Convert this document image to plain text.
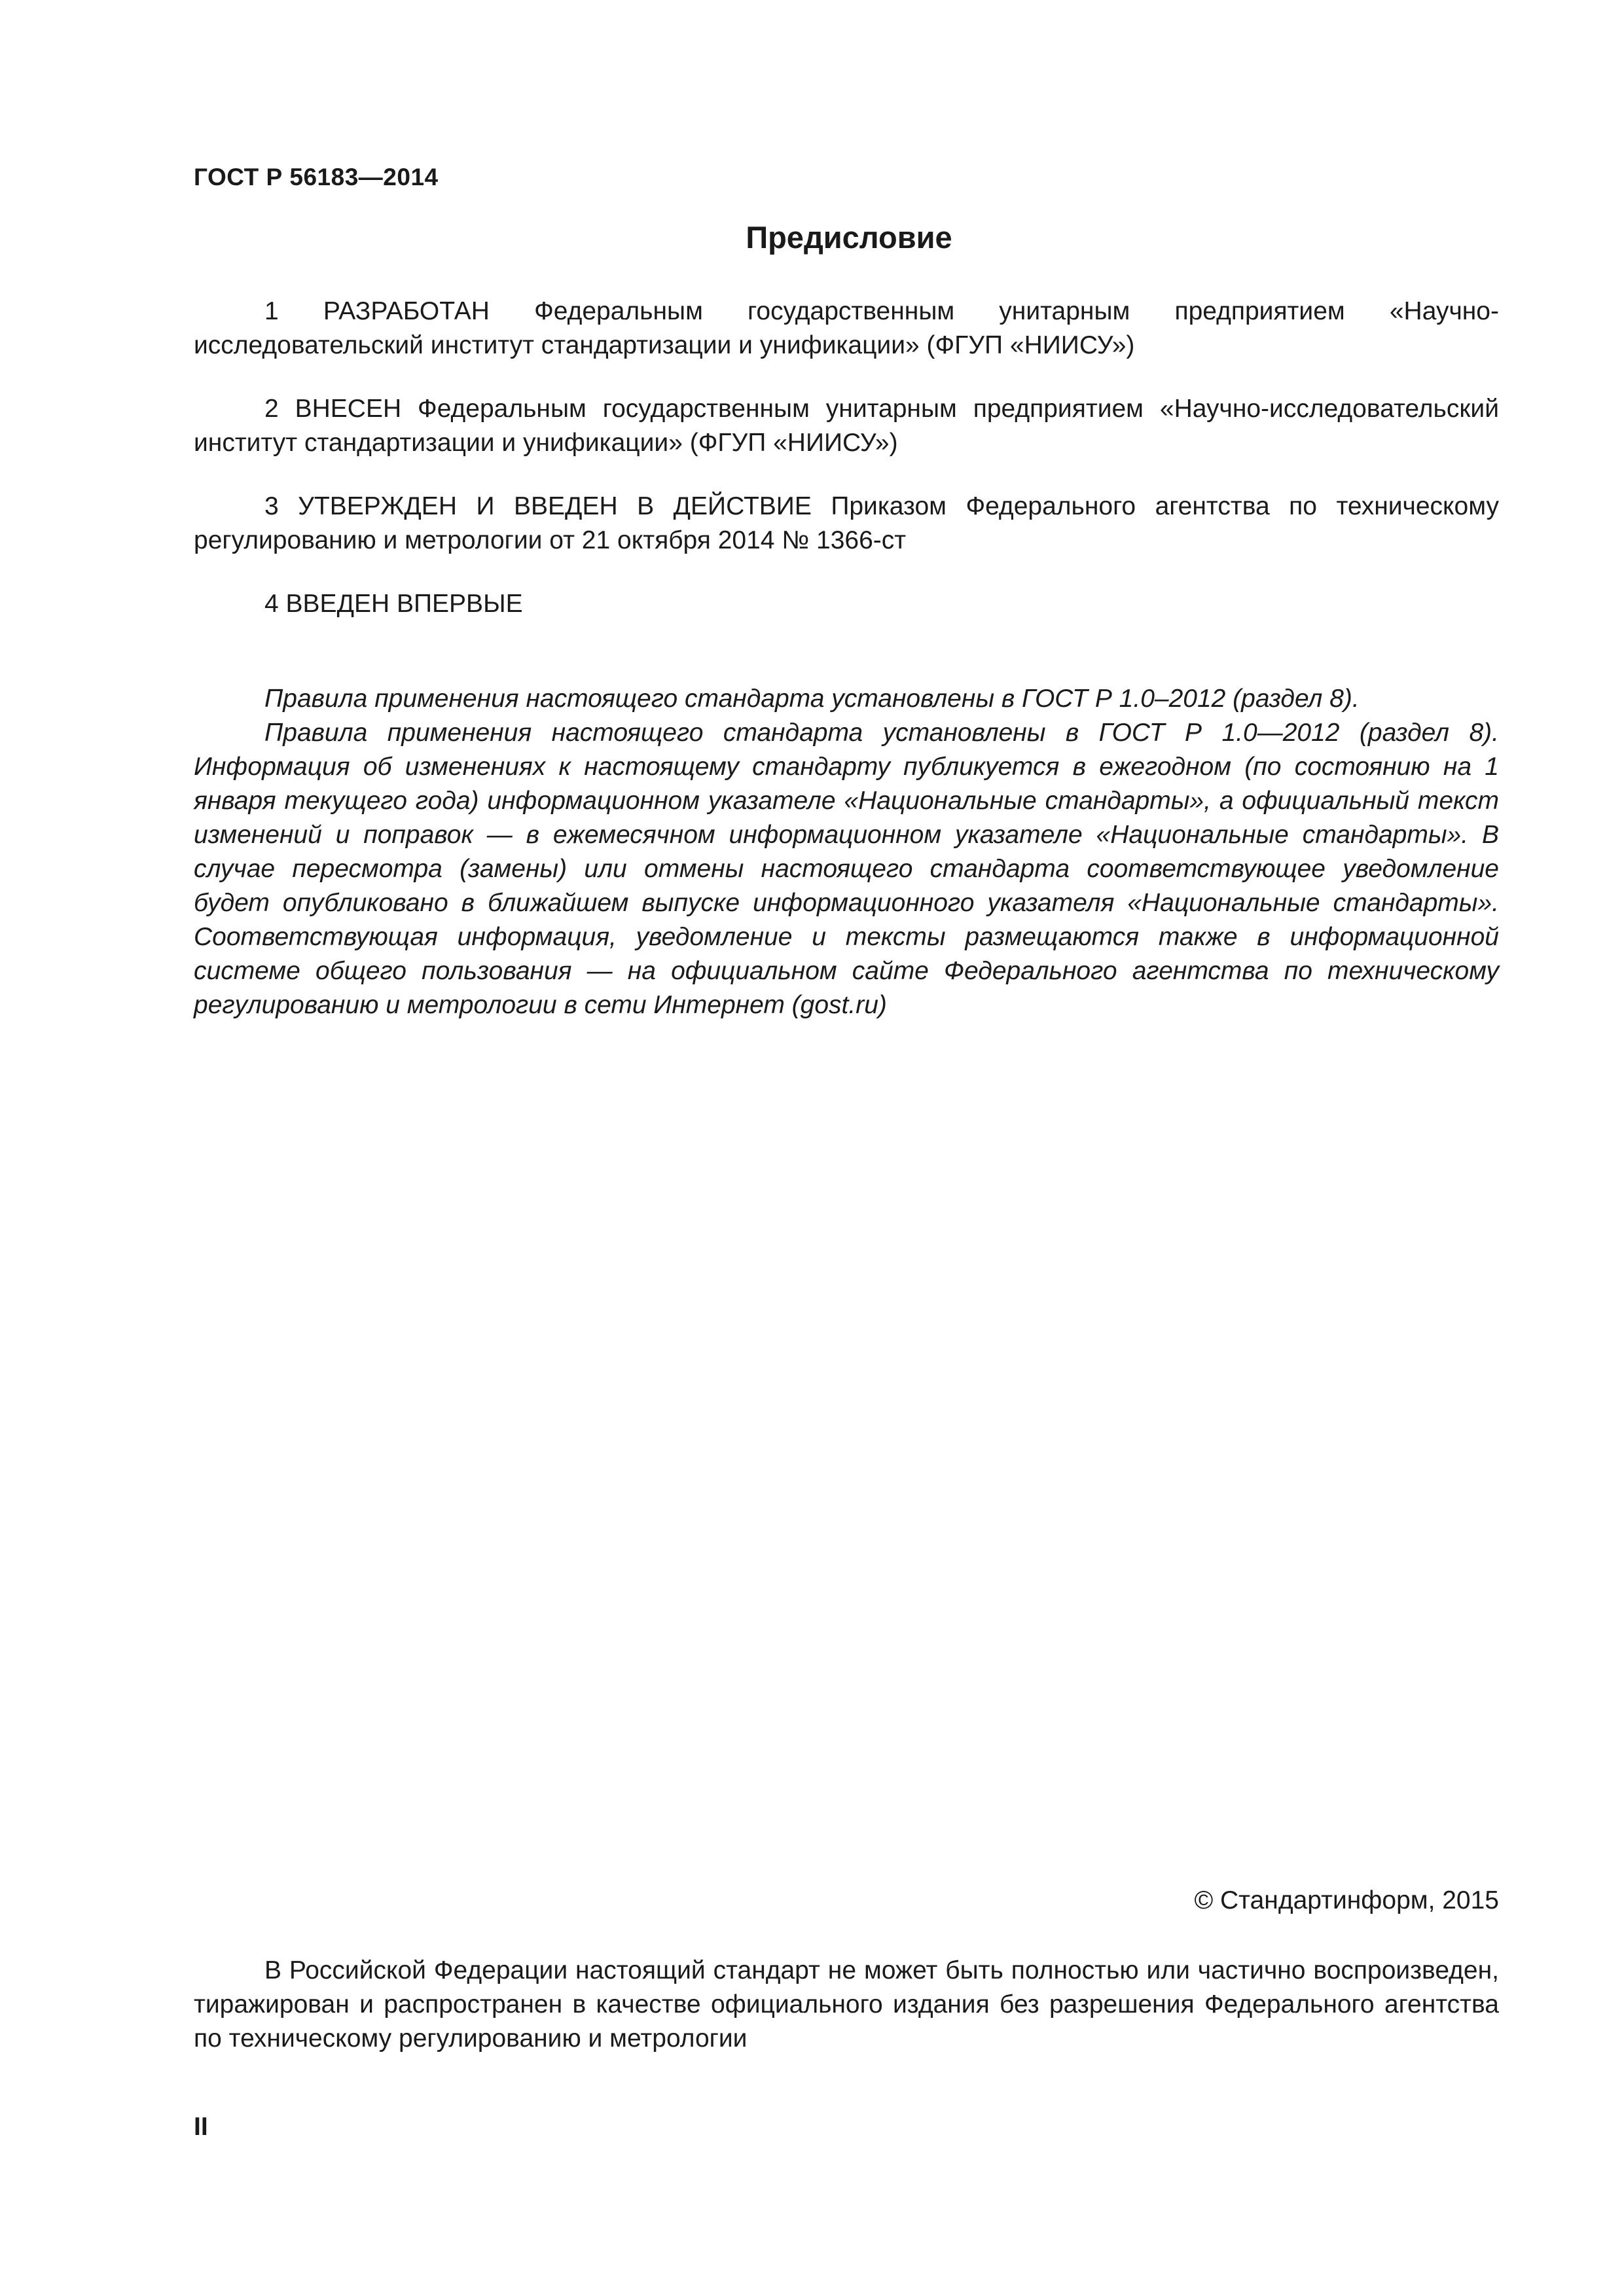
ГОСТ Р 56183—2014
Предисловие

1 РАЗРАБОТАН Федеральным государственным унитарным предприятием «Научно-исследовательский институт стандартизации и унификации» (ФГУП «НИИСУ»)

2 ВНЕСЕН Федеральным государственным унитарным предприятием «Научно-исследовательский институт стандартизации и унификации» (ФГУП «НИИСУ»)

3 УТВЕРЖДЕН И ВВЕДЕН В ДЕЙСТВИЕ Приказом Федерального агентства по техническому регулированию и метрологии от 21 октября 2014 № 1366-ст

4 ВВЕДЕН ВПЕРВЫЕ

Правила применения настоящего стандарта установлены в ГОСТ Р 1.0–2012 (раздел 8).

Правила применения настоящего стандарта установлены в ГОСТ Р 1.0—2012 (раздел 8). Информация об изменениях к настоящему стандарту публикуется в ежегодном (по состоянию на 1 января текущего года) информационном указателе «Национальные стандарты», а официальный текст изменений и поправок — в ежемесячном информационном указателе «Национальные стандарты». В случае пересмотра (замены) или отмены настоящего стандарта соответствующее уведомление будет опубликовано в ближайшем выпуске информационного указателя «Национальные стандарты». Соответствующая информация, уведомление и тексты размещаются также в информационной системе общего пользования — на официальном сайте Федерального агентства по техническому регулированию и метрологии в сети Интернет (gost.ru)

© Стандартинформ, 2015

В Российской Федерации настоящий стандарт не может быть полностью или частично воспроизведен, тиражирован и распространен в качестве официального издания без разрешения Федерального агентства по техническому регулированию и метрологии

II
